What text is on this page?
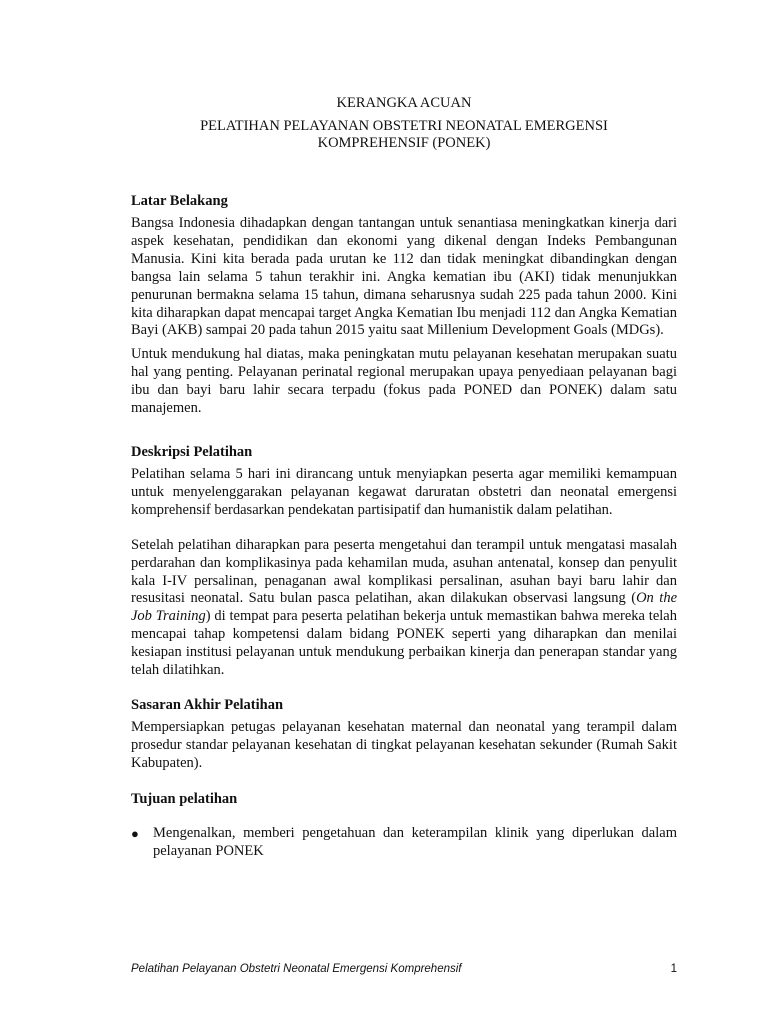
KERANGKA ACUAN

PELATIHAN PELAYANAN OBSTETRI NEONATAL EMERGENSI

KOMPREHENSIF (PONEK)

Latar Belakang

Bangsa Indonesia dihadapkan dengan tantangan untuk senantiasa meningkatkan kinerja dari aspek kesehatan, pendidikan dan ekonomi yang dikenal dengan Indeks Pembangunan Manusia. Kini kita berada pada urutan ke 112 dan tidak meningkat dibandingkan dengan bangsa lain selama 5 tahun terakhir ini. Angka kematian ibu (AKI) tidak menunjukkan penurunan bermakna selama 15 tahun, dimana seharusnya sudah 225 pada tahun 2000. Kini kita diharapkan dapat mencapai target Angka Kematian Ibu menjadi 112 dan Angka Kematian Bayi (AKB) sampai 20 pada tahun 2015 yaitu saat Millenium Development Goals (MDGs).

Untuk mendukung hal diatas, maka peningkatan mutu pelayanan kesehatan merupakan suatu hal yang penting. Pelayanan perinatal regional merupakan upaya penyediaan pelayanan bagi ibu dan bayi baru lahir secara terpadu (fokus pada PONED dan PONEK) dalam satu manajemen.

Deskripsi Pelatihan

Pelatihan selama 5 hari ini dirancang untuk menyiapkan peserta agar memiliki kemampuan untuk menyelenggarakan pelayanan kegawat daruratan obstetri dan neonatal emergensi komprehensif berdasarkan pendekatan partisipatif dan humanistik dalam pelatihan.

Setelah pelatihan diharapkan para peserta mengetahui dan terampil untuk mengatasi masalah perdarahan dan komplikasinya pada kehamilan muda, asuhan antenatal, konsep dan penyulit kala I-IV persalinan, penaganan awal komplikasi persalinan, asuhan bayi baru lahir dan resusitasi neonatal. Satu bulan pasca pelatihan, akan dilakukan observasi langsung (On the Job Training) di tempat para peserta pelatihan bekerja untuk memastikan bahwa mereka telah mencapai tahap kompetensi dalam bidang PONEK seperti yang diharapkan dan menilai kesiapan institusi pelayanan untuk mendukung perbaikan kinerja dan penerapan standar yang telah dilatihkan.

Sasaran Akhir Pelatihan

Mempersiapkan petugas pelayanan kesehatan maternal dan neonatal yang terampil dalam prosedur standar pelayanan kesehatan di tingkat pelayanan kesehatan sekunder (Rumah Sakit Kabupaten).

Tujuan pelatihan

● Mengenalkan, memberi pengetahuan dan keterampilan klinik yang diperlukan dalam pelayanan PONEK
Pelatihan Pelayanan Obstetri Neonatal Emergensi Komprehensif	1
